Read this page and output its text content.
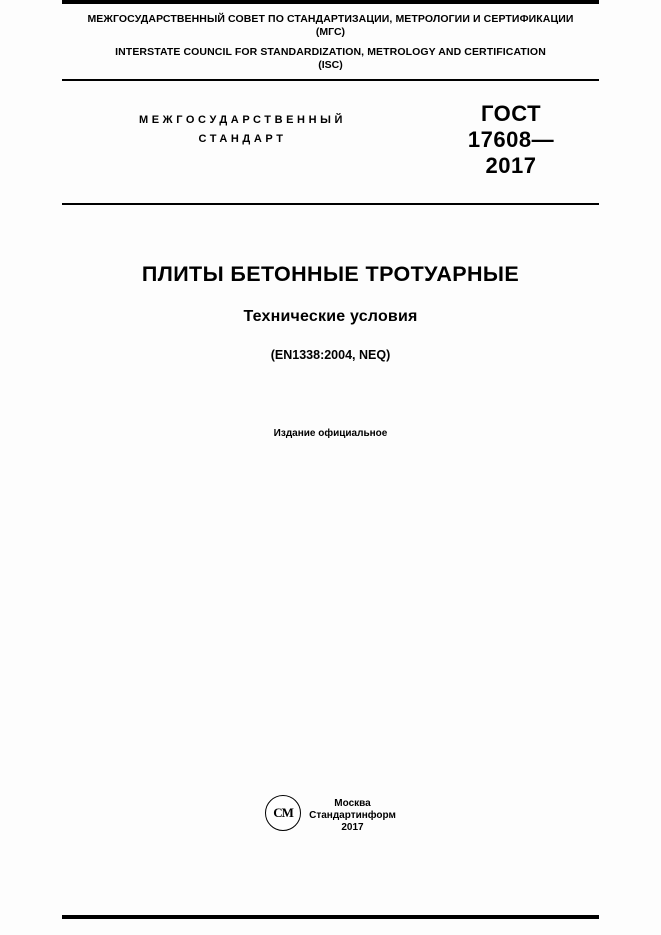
МЕЖГОСУДАРСТВЕННЫЙ СОВЕТ ПО СТАНДАРТИЗАЦИИ, МЕТРОЛОГИИ И СЕРТИФИКАЦИИ
(МГС)
INTERSTATE COUNCIL FOR STANDARDIZATION, METROLOGY AND CERTIFICATION
(ISC)
МЕЖГОСУДАРСТВЕННЫЙ
СТАНДАРТ
ГОСТ
17608—
2017
ПЛИТЫ БЕТОННЫЕ ТРОТУАРНЫЕ
Технические условия
(EN1338:2004, NEQ)
Издание официальное
СМ
Москва
Стандартинформ
2017
